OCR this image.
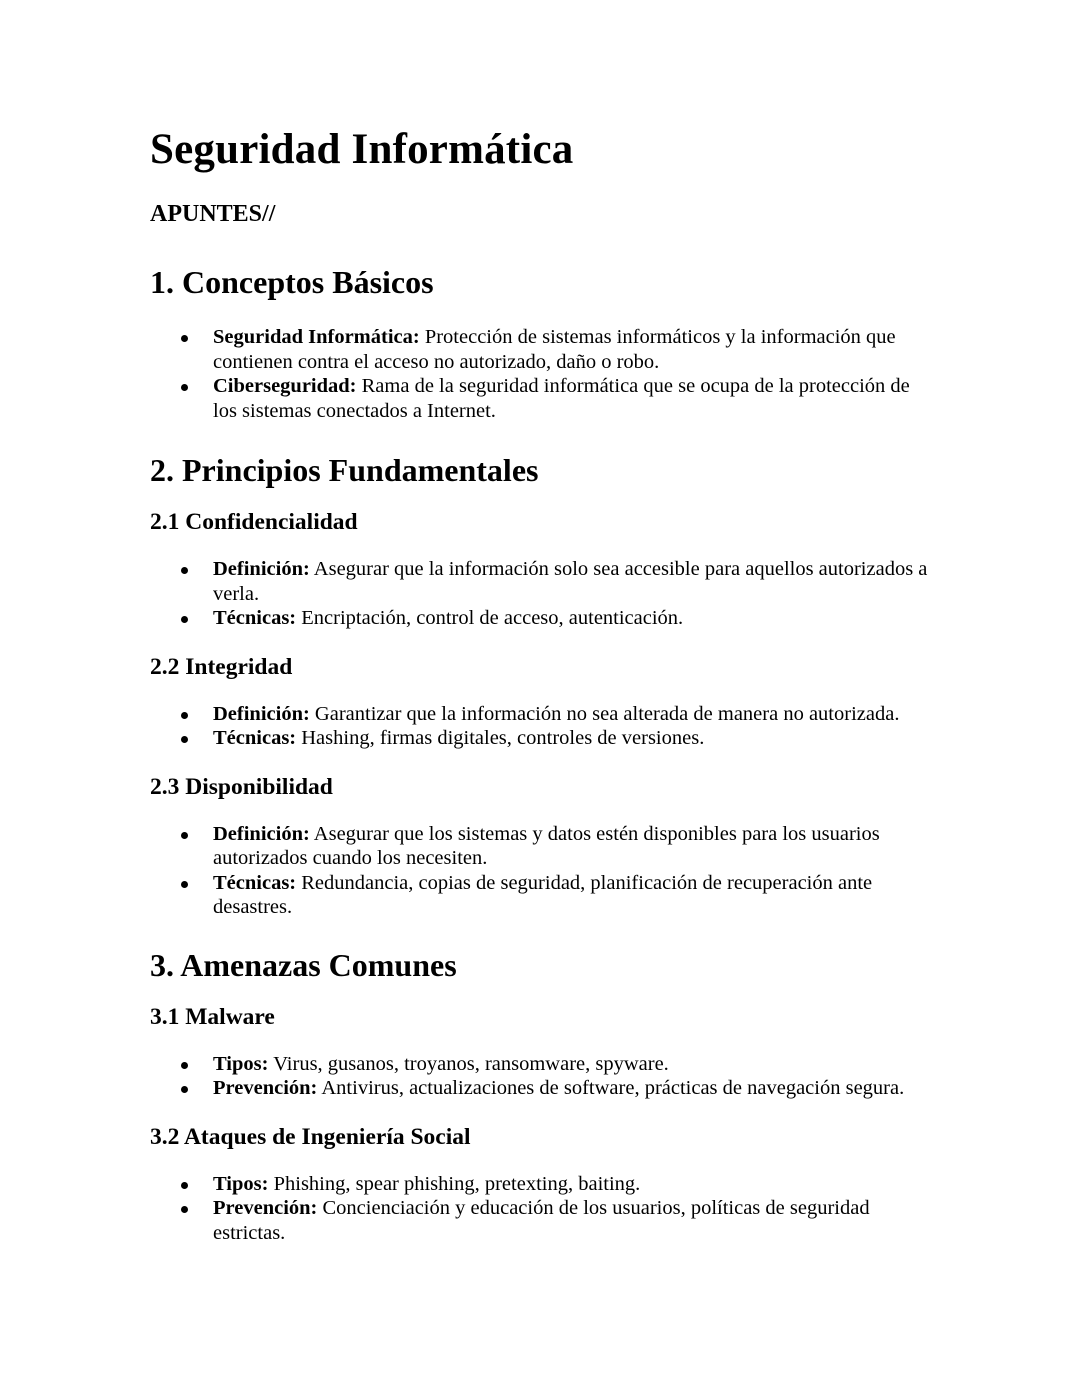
Seguridad Informática
APUNTES//
1. Conceptos Básicos
Seguridad Informática: Protección de sistemas informáticos y la información que contienen contra el acceso no autorizado, daño o robo.
Ciberseguridad: Rama de la seguridad informática que se ocupa de la protección de los sistemas conectados a Internet.
2. Principios Fundamentales
2.1 Confidencialidad
Definición: Asegurar que la información solo sea accesible para aquellos autorizados a verla.
Técnicas: Encriptación, control de acceso, autenticación.
2.2 Integridad
Definición: Garantizar que la información no sea alterada de manera no autorizada.
Técnicas: Hashing, firmas digitales, controles de versiones.
2.3 Disponibilidad
Definición: Asegurar que los sistemas y datos estén disponibles para los usuarios autorizados cuando los necesiten.
Técnicas: Redundancia, copias de seguridad, planificación de recuperación ante desastres.
3. Amenazas Comunes
3.1 Malware
Tipos: Virus, gusanos, troyanos, ransomware, spyware.
Prevención: Antivirus, actualizaciones de software, prácticas de navegación segura.
3.2 Ataques de Ingeniería Social
Tipos: Phishing, spear phishing, pretexting, baiting.
Prevención: Concienciación y educación de los usuarios, políticas de seguridad estrictas.
